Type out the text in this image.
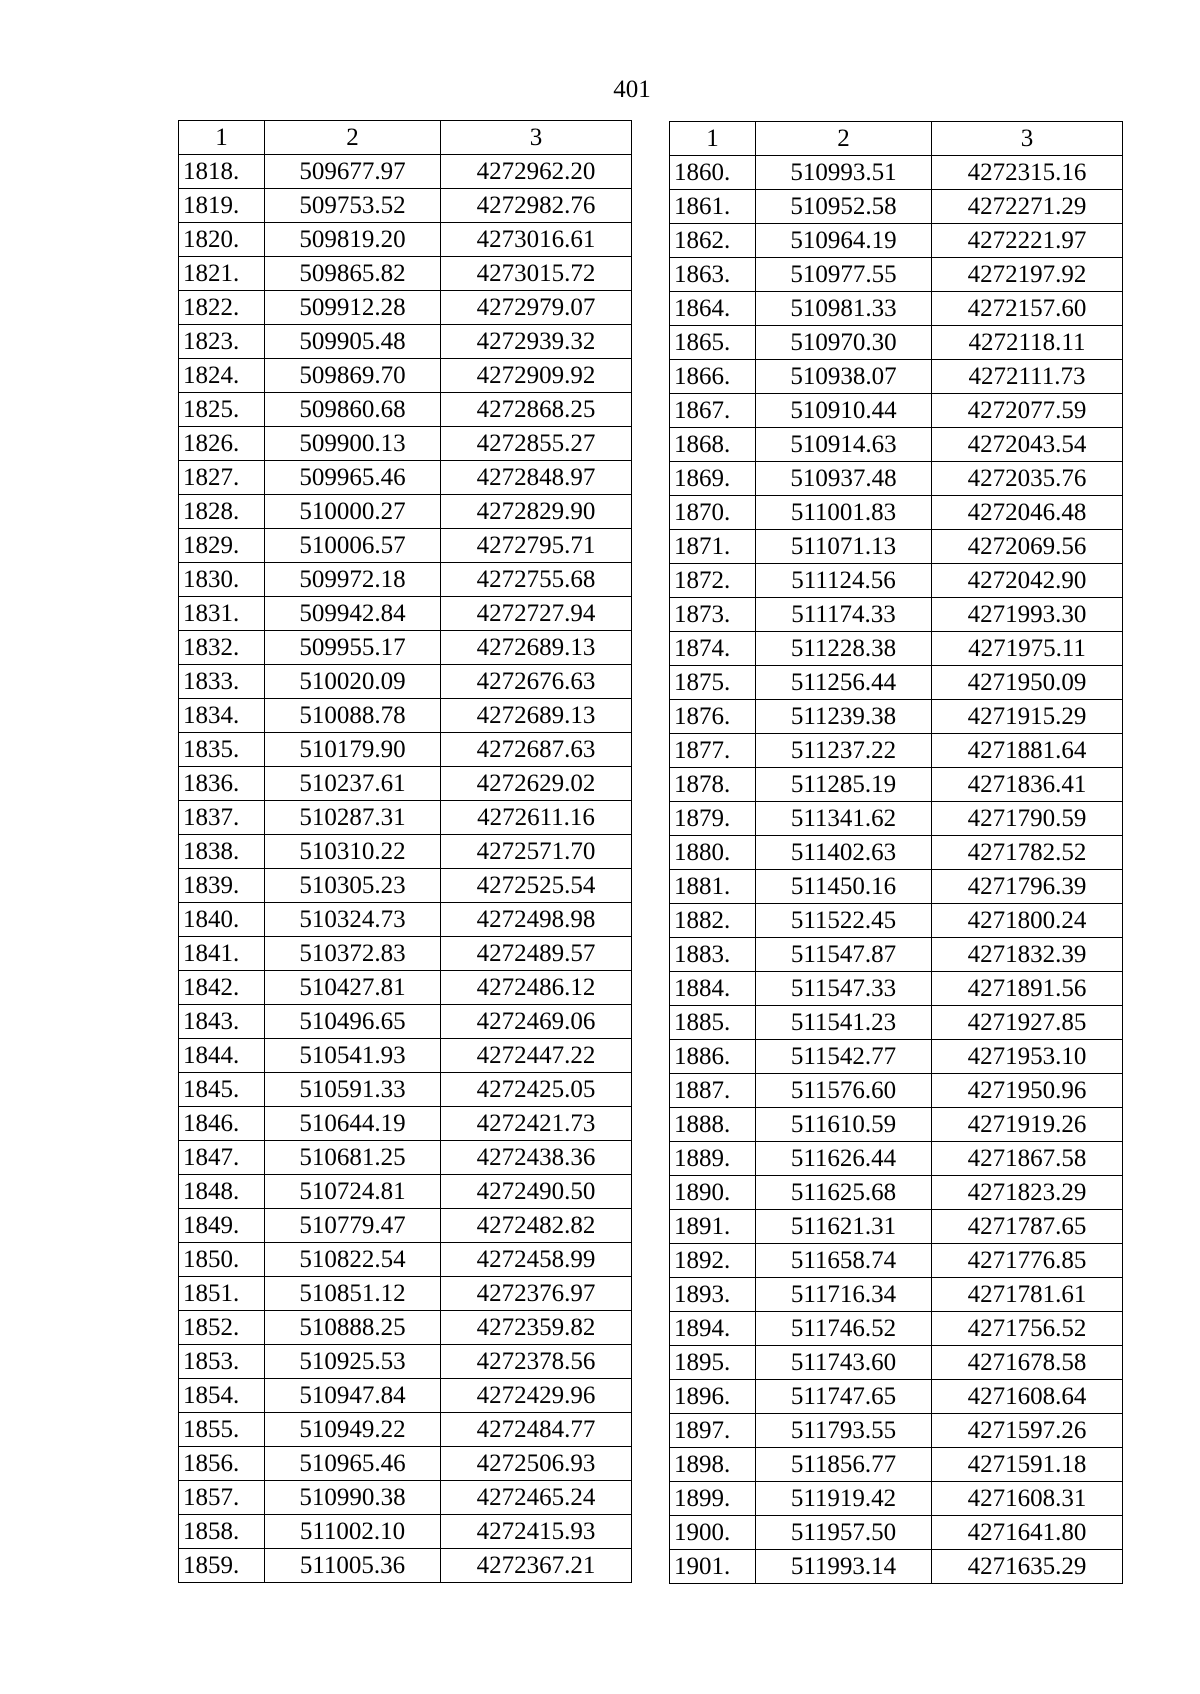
401
1	2	3
1818.	509677.97	4272962.20
1819.	509753.52	4272982.76
1820.	509819.20	4273016.61
1821.	509865.82	4273015.72
1822.	509912.28	4272979.07
1823.	509905.48	4272939.32
1824.	509869.70	4272909.92
1825.	509860.68	4272868.25
1826.	509900.13	4272855.27
1827.	509965.46	4272848.97
1828.	510000.27	4272829.90
1829.	510006.57	4272795.71
1830.	509972.18	4272755.68
1831.	509942.84	4272727.94
1832.	509955.17	4272689.13
1833.	510020.09	4272676.63
1834.	510088.78	4272689.13
1835.	510179.90	4272687.63
1836.	510237.61	4272629.02
1837.	510287.31	4272611.16
1838.	510310.22	4272571.70
1839.	510305.23	4272525.54
1840.	510324.73	4272498.98
1841.	510372.83	4272489.57
1842.	510427.81	4272486.12
1843.	510496.65	4272469.06
1844.	510541.93	4272447.22
1845.	510591.33	4272425.05
1846.	510644.19	4272421.73
1847.	510681.25	4272438.36
1848.	510724.81	4272490.50
1849.	510779.47	4272482.82
1850.	510822.54	4272458.99
1851.	510851.12	4272376.97
1852.	510888.25	4272359.82
1853.	510925.53	4272378.56
1854.	510947.84	4272429.96
1855.	510949.22	4272484.77
1856.	510965.46	4272506.93
1857.	510990.38	4272465.24
1858.	511002.10	4272415.93
1859.	511005.36	4272367.21
1	2	3
1860.	510993.51	4272315.16
1861.	510952.58	4272271.29
1862.	510964.19	4272221.97
1863.	510977.55	4272197.92
1864.	510981.33	4272157.60
1865.	510970.30	4272118.11
1866.	510938.07	4272111.73
1867.	510910.44	4272077.59
1868.	510914.63	4272043.54
1869.	510937.48	4272035.76
1870.	511001.83	4272046.48
1871.	511071.13	4272069.56
1872.	511124.56	4272042.90
1873.	511174.33	4271993.30
1874.	511228.38	4271975.11
1875.	511256.44	4271950.09
1876.	511239.38	4271915.29
1877.	511237.22	4271881.64
1878.	511285.19	4271836.41
1879.	511341.62	4271790.59
1880.	511402.63	4271782.52
1881.	511450.16	4271796.39
1882.	511522.45	4271800.24
1883.	511547.87	4271832.39
1884.	511547.33	4271891.56
1885.	511541.23	4271927.85
1886.	511542.77	4271953.10
1887.	511576.60	4271950.96
1888.	511610.59	4271919.26
1889.	511626.44	4271867.58
1890.	511625.68	4271823.29
1891.	511621.31	4271787.65
1892.	511658.74	4271776.85
1893.	511716.34	4271781.61
1894.	511746.52	4271756.52
1895.	511743.60	4271678.58
1896.	511747.65	4271608.64
1897.	511793.55	4271597.26
1898.	511856.77	4271591.18
1899.	511919.42	4271608.31
1900.	511957.50	4271641.80
1901.	511993.14	4271635.29
